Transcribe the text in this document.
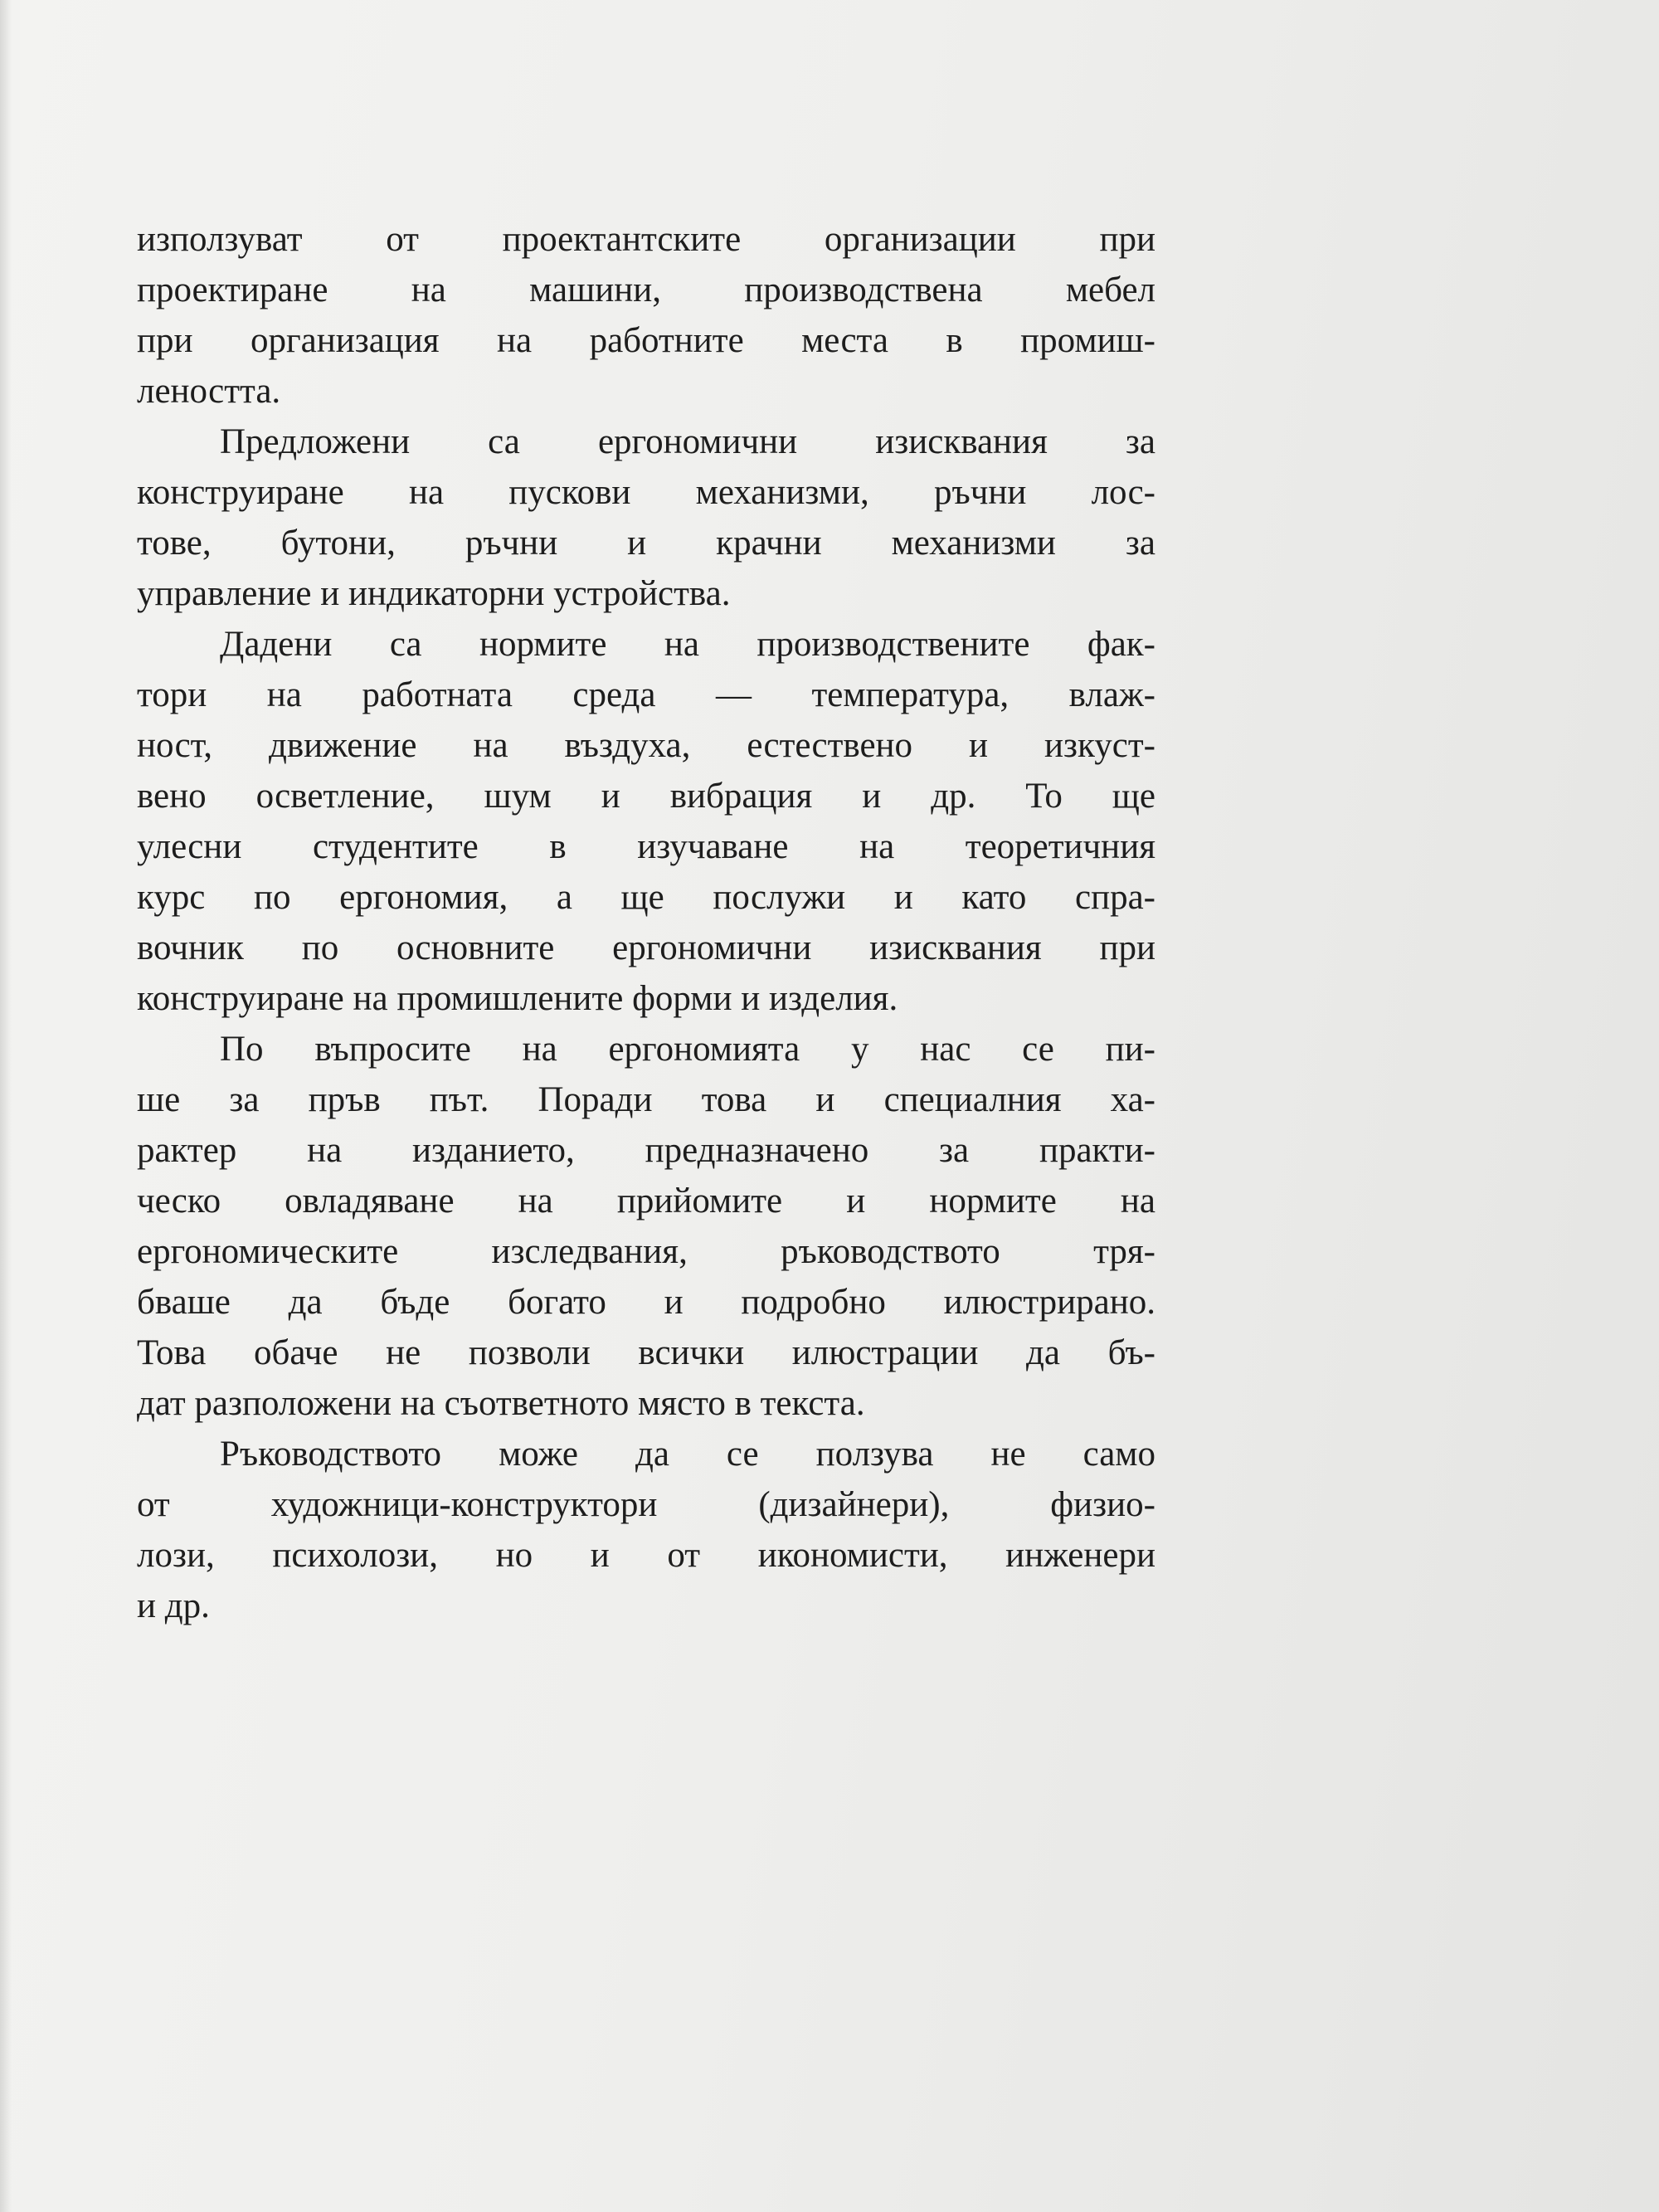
използуват от проектантските организации при
проектиране на машини, производствена мебел
при организация на работните места в промиш-
леността.

Предложени са ергономични изисквания за
конструиране на пускови механизми, ръчни лос-
тове, бутони, ръчни и крачни механизми за
управление и индикаторни устройства.

Дадени са нормите на производствените фак-
тори на работната среда — температура, влаж-
ност, движение на въздуха, естествено и изкуст-
вено осветление, шум и вибрация и др. То ще
улесни студентите в изучаване на теоретичния
курс по ергономия, а ще послужи и като спра-
вочник по основните ергономични изисквания при
конструиране на промишлените форми и изделия.

По въпросите на ергономията у нас се пи-
ше за пръв път. Поради това и специалния ха-
рактер на изданието, предназначено за практи-
ческо овладяване на прийомите и нормите на
ергономическите изследвания, ръководството тря-
бваше да бъде богато и подробно илюстрирано.
Това обаче не позволи всички илюстрации да бъ-
дат разположени на съответното място в текста.

Ръководството може да се ползува не само
от художници-конструктори (дизайнери), физио-
лози, психолози, но и от икономисти, инженери
и др.
